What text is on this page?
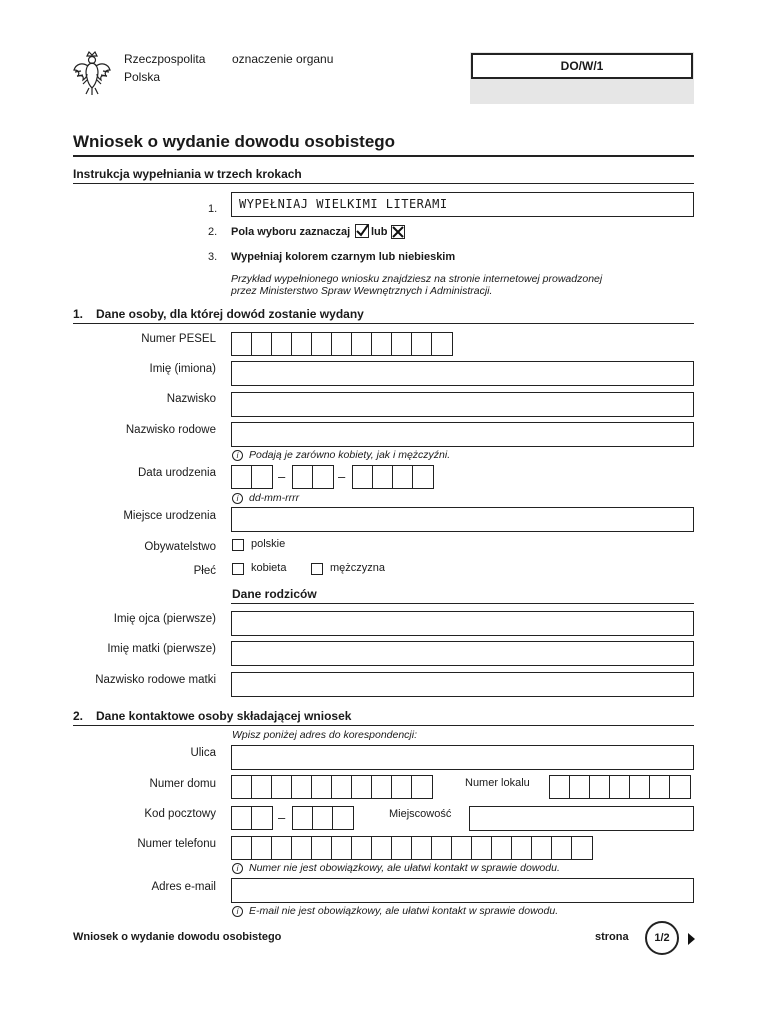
Rzeczpospolita
Polska
oznaczenie organu	DO/W/1
Wniosek o wydanie dowodu osobistego
Instrukcja wypełniania w trzech krokach
1. WYPEŁNIAJ WIELKIMI LITERAMI
2. Pola wyboru zaznaczaj lub
3. Wypełniaj kolorem czarnym lub niebieskim
Przykład wypełnionego wniosku znajdziesz na stronie internetowej prowadzonej
przez Ministerstwo Spraw Wewnętrznych i Administracji.
1. Dane osoby, dla której dowód zostanie wydany
Numer PESEL
Imię (imiona)
Nazwisko
Nazwisko rodowe
i	Podają je zarówno kobiety, jak i mężczyźni.
Data urodzenia	–	–
i	dd-mm-rrrr
Miejsce urodzenia
Obywatelstwo	polskie
Płeć	kobieta	mężczyzna
Dane rodziców
Imię ojca (pierwsze)
Imię matki (pierwsze)
Nazwisko rodowe matki
2. Dane kontaktowe osoby składającej wniosek
Wpisz poniżej adres do korespondencji:
Ulica
Numer domu	Numer lokalu
Kod pocztowy	–	Miejscowość
Numer telefonu
i	Numer nie jest obowiązkowy, ale ułatwi kontakt w sprawie dowodu.
Adres e-mail
i	E-mail nie jest obowiązkowy, ale ułatwi kontakt w sprawie dowodu.
Wniosek o wydanie dowodu osobistego	strona	1/2
